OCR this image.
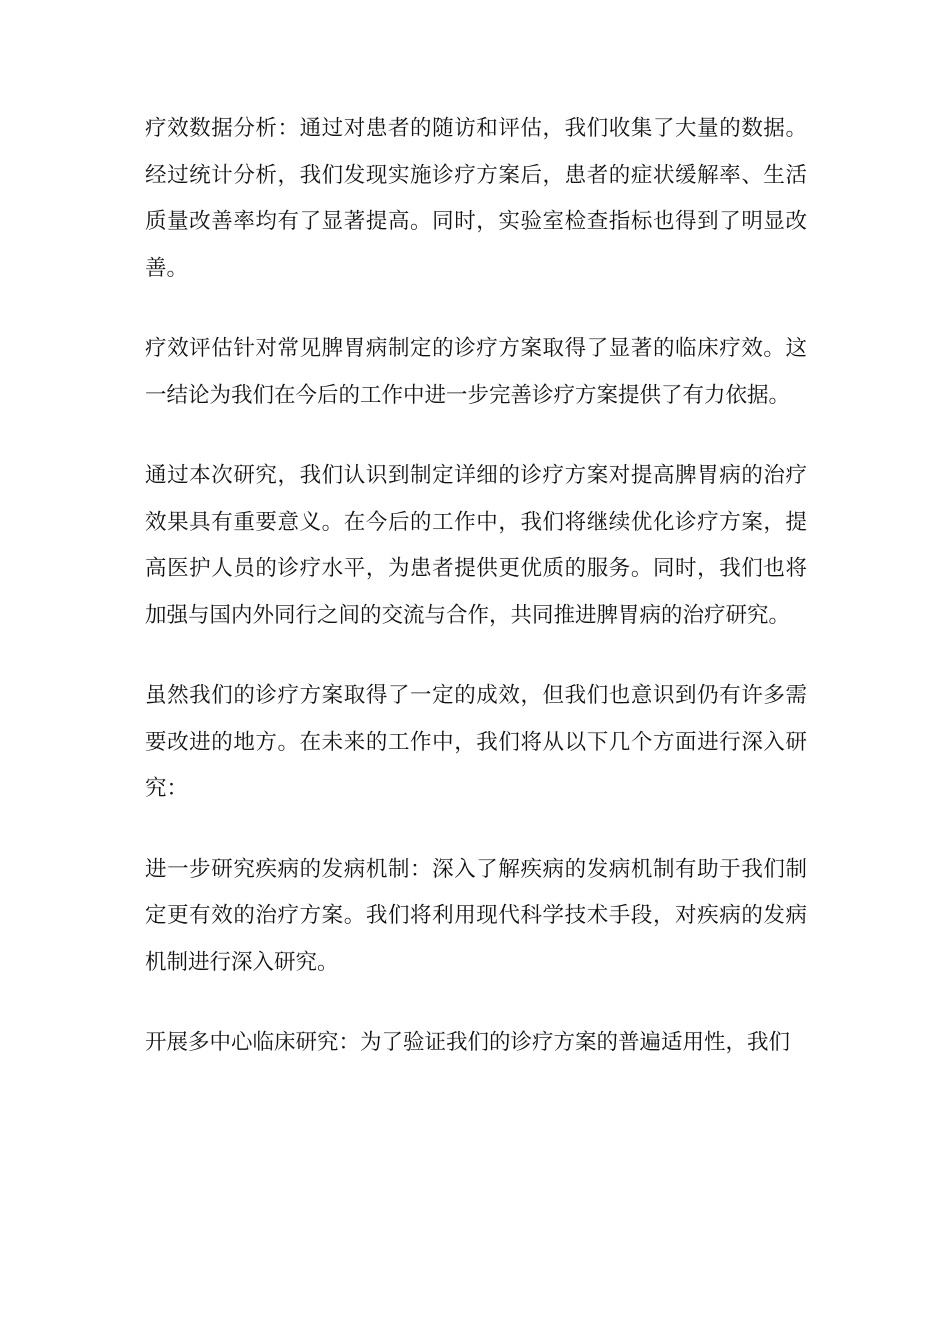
疗效数据分析：通过对患者的随访和评估，我们收集了大量的数据。经过统计分析，我们发现实施诊疗方案后，患者的症状缓解率、生活质量改善率均有了显著提高。同时，实验室检查指标也得到了明显改善。

疗效评估针对常见脾胃病制定的诊疗方案取得了显著的临床疗效。这一结论为我们在今后的工作中进一步完善诊疗方案提供了有力依据。

通过本次研究，我们认识到制定详细的诊疗方案对提高脾胃病的治疗效果具有重要意义。在今后的工作中，我们将继续优化诊疗方案，提高医护人员的诊疗水平，为患者提供更优质的服务。同时，我们也将加强与国内外同行之间的交流与合作，共同推进脾胃病的治疗研究。

虽然我们的诊疗方案取得了一定的成效，但我们也意识到仍有许多需要改进的地方。在未来的工作中，我们将从以下几个方面进行深入研究：

进一步研究疾病的发病机制：深入了解疾病的发病机制有助于我们制定更有效的治疗方案。我们将利用现代科学技术手段，对疾病的发病机制进行深入研究。

开展多中心临床研究：为了验证我们的诊疗方案的普遍适用性，我们
